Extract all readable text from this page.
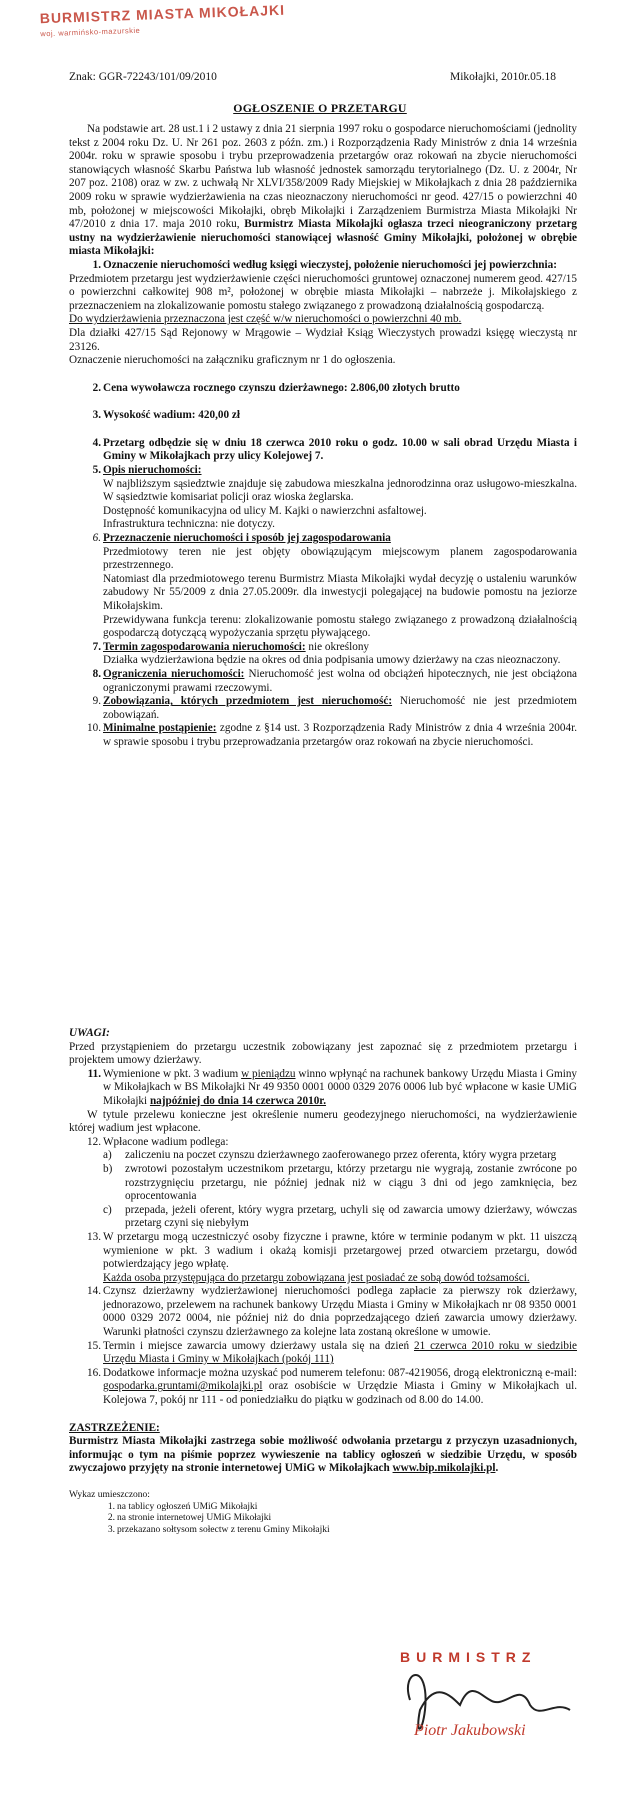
BURMISTRZ MIASTA MIKOŁAJKI
woj. warmińsko-mazurskie
Znak: GGR-72243/101/09/2010	Mikołajki, 2010r.05.18
OGŁOSZENIE O PRZETARGU

Na podstawie art. 28 ust.1 i 2 ustawy z dnia 21 sierpnia 1997 roku o gospodarce nieruchomościami (jednolity tekst z 2004 roku Dz. U. Nr 261 poz. 2603 z późn. zm.) i Rozporządzenia Rady Ministrów z dnia 14 września 2004r. roku w sprawie sposobu i trybu przeprowadzenia przetargów oraz rokowań na zbycie nieruchomości stanowiących własność Skarbu Państwa lub własność jednostek samorządu terytorialnego (Dz. U. z 2004r, Nr 207 poz. 2108) oraz w zw. z uchwałą Nr XLVI/358/2009 Rady Miejskiej w Mikołajkach z dnia 28 października 2009 roku w sprawie wydzierżawienia na czas nieoznaczony nieruchomości nr geod. 427/15 o powierzchni 40 mb, położonej w miejscowości Mikołajki, obręb Mikołajki i Zarządzeniem Burmistrza Miasta Mikołajki Nr 47/2010 z dnia 17. maja 2010 roku, Burmistrz Miasta Mikołajki ogłasza trzeci nieograniczony przetarg ustny na wydzierżawienie nieruchomości stanowiącej własność Gminy Mikołajki, położonej w obrębie miasta Mikołajki:

1. Oznaczenie nieruchomości według księgi wieczystej, położenie nieruchomości jej powierzchnia:

Przedmiotem przetargu jest wydzierżawienie części nieruchomości gruntowej oznaczonej numerem geod. 427/15 o powierzchni całkowitej 908 m², położonej w obrębie miasta Mikołajki – nabrzeże j. Mikołajskiego z przeznaczeniem na zlokalizowanie pomostu stałego związanego z prowadzoną działalnością gospodarczą.

Do wydzierżawienia przeznaczona jest część w/w nieruchomości o powierzchni 40 mb.

Dla działki 427/15 Sąd Rejonowy w Mrągowie – Wydział Ksiąg Wieczystych prowadzi księgę wieczystą nr 23126.

Oznaczenie nieruchomości na załączniku graficznym nr 1 do ogłoszenia.

2. Cena wywoławcza rocznego czynszu dzierżawnego: 2.806,00 złotych brutto
3. Wysokość wadium: 420,00 zł
4. Przetarg odbędzie się w dniu 18 czerwca 2010 roku o godz. 10.00 w sali obrad Urzędu Miasta i Gminy w Mikołajkach przy ulicy Kolejowej 7.
5. Opis nieruchomości:

W najbliższym sąsiedztwie znajduje się zabudowa mieszkalna jednorodzinna oraz usługowo-mieszkalna. W sąsiedztwie komisariat policji oraz wioska żeglarska.

Dostępność komunikacyjna od ulicy M. Kajki o nawierzchni asfaltowej.

Infrastruktura techniczna: nie dotyczy.

6. Przeznaczenie nieruchomości i sposób jej zagospodarowania

Przedmiotowy teren nie jest objęty obowiązującym miejscowym planem zagospodarowania przestrzennego.

Natomiast dla przedmiotowego terenu Burmistrz Miasta Mikołajki wydał decyzję o ustaleniu warunków zabudowy Nr 55/2009 z dnia 27.05.2009r. dla inwestycji polegającej na budowie pomostu na jeziorze Mikołajskim.

Przewidywana funkcja terenu: zlokalizowanie pomostu stałego związanego z prowadzoną działalnością gospodarczą dotyczącą wypożyczania sprzętu pływającego.

7. Termin zagospodarowania nieruchomości: nie określony

Działka wydzierżawiona będzie na okres od dnia podpisania umowy dzierżawy na czas nieoznaczony.

8. Ograniczenia nieruchomości: Nieruchomość jest wolna od obciążeń hipotecznych, nie jest obciążona ograniczonymi prawami rzeczowymi.
9. Zobowiązania, których przedmiotem jest nieruchomość: Nieruchomość nie jest przedmiotem zobowiązań.
10. Minimalne postąpienie: zgodne z §14 ust. 3 Rozporządzenia Rady Ministrów z dnia 4 września 2004r. w sprawie sposobu i trybu przeprowadzania przetargów oraz rokowań na zbycie nieruchomości.

UWAGI:

Przed przystąpieniem do przetargu uczestnik zobowiązany jest zapoznać się z przedmiotem przetargu i projektem umowy dzierżawy.

11. Wymienione w pkt. 3 wadium w pieniądzu winno wpłynąć na rachunek bankowy Urzędu Miasta i Gminy w Mikołajkach w BS Mikołajki Nr 49 9350 0001 0000 0329 2076 0006 lub być wpłacone w kasie UMiG Mikołajki najpóźniej do dnia 14 czerwca 2010r.

W tytule przelewu konieczne jest określenie numeru geodezyjnego nieruchomości, na wydzierżawienie której wadium jest wpłacone.

12. Wpłacone wadium podlega:
a) zaliczeniu na poczet czynszu dzierżawnego zaoferowanego przez oferenta, który wygra przetarg
b) zwrotowi pozostałym uczestnikom przetargu, którzy przetargu nie wygrają, zostanie zwrócone po rozstrzygnięciu przetargu, nie później jednak niż w ciągu 3 dni od jego zamknięcia, bez oprocentowania
c) przepada, jeżeli oferent, który wygra przetarg, uchyli się od zawarcia umowy dzierżawy, wówczas przetarg czyni się niebyłym
13. W przetargu mogą uczestniczyć osoby fizyczne i prawne, które w terminie podanym w pkt. 11 uiszczą wymienione w pkt. 3 wadium i okażą komisji przetargowej przed otwarciem przetargu, dowód potwierdzający jego wpłatę.

Każda osoba przystępująca do przetargu zobowiązana jest posiadać ze sobą dowód tożsamości.

14. Czynsz dzierżawny wydzierżawionej nieruchomości podlega zapłacie za pierwszy rok dzierżawy, jednorazowo, przelewem na rachunek bankowy Urzędu Miasta i Gminy w Mikołajkach nr 08 9350 0001 0000 0329 2072 0004, nie później niż do dnia poprzedzającego dzień zawarcia umowy dzierżawy. Warunki płatności czynszu dzierżawnego za kolejne lata zostaną określone w umowie.
15. Termin i miejsce zawarcia umowy dzierżawy ustala się na dzień 21 czerwca 2010 roku w siedzibie Urzędu Miasta i Gminy w Mikołajkach (pokój 111)
16. Dodatkowe informacje można uzyskać pod numerem telefonu: 087-4219056, drogą elektroniczną e-mail: gospodarka.gruntami@mikolajki.pl oraz osobiście w Urzędzie Miasta i Gminy w Mikołajkach ul. Kolejowa 7, pokój nr 111 - od poniedziałku do piątku w godzinach od 8.00 do 14.00.

ZASTRZEŻENIE:

Burmistrz Miasta Mikołajki zastrzega sobie możliwość odwołania przetargu z przyczyn uzasadnionych, informując o tym na piśmie poprzez wywieszenie na tablicy ogłoszeń w siedzibie Urzędu, w sposób zwyczajowo przyjęty na stronie internetowej UMiG w Mikołajkach www.bip.mikolajki.pl.

Wykaz umieszczono:

1. na tablicy ogłoszeń UMiG Mikołajki
2. na stronie internetowej UMiG Mikołajki
3. przekazano sołtysom sołectw z terenu Gminy Mikołajki
BURMISTRZ
Piotr Jakubowski
